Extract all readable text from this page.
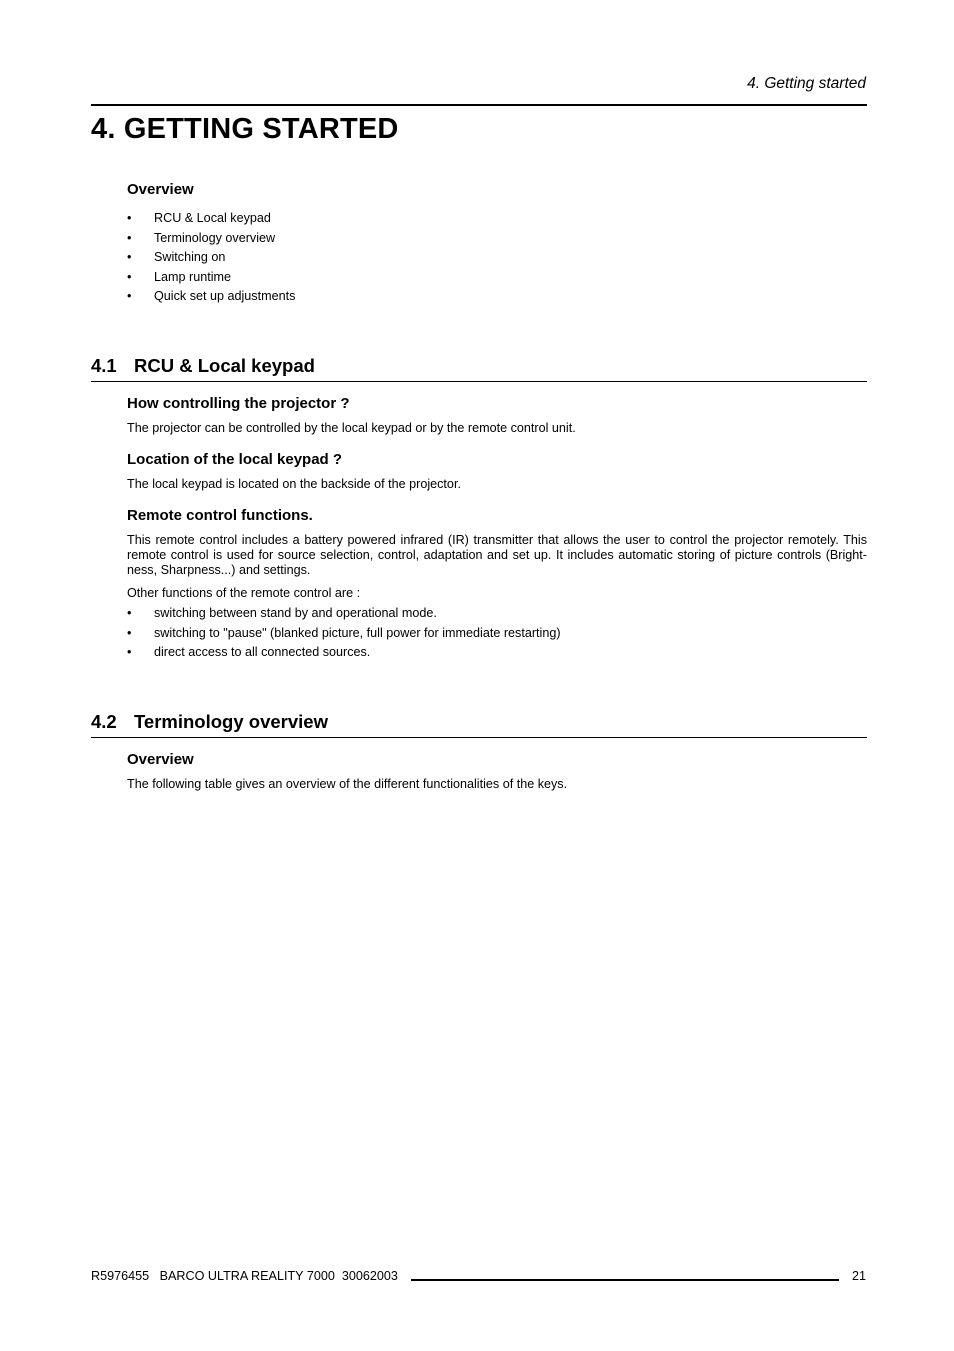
4. Getting started
4. GETTING STARTED
Overview
• RCU & Local keypad
• Terminology overview
• Switching on
• Lamp runtime
• Quick set up adjustments
4.1 RCU & Local keypad
How controlling the projector ?
The projector can be controlled by the local keypad or by the remote control unit.
Location of the local keypad ?
The local keypad is located on the backside of the projector.
Remote control functions.
This remote control includes a battery powered infrared (IR) transmitter that allows the user to control the projector remotely. This remote control is used for source selection, control, adaptation and set up. It includes automatic storing of picture controls (Bright-ness, Sharpness...) and settings.
Other functions of the remote control are :
• switching between stand by and operational mode.
• switching to "pause" (blanked picture, full power for immediate restarting)
• direct access to all connected sources.
4.2 Terminology overview
Overview
The following table gives an overview of the different functionalities of the keys.
R5976455   BARCO ULTRA REALITY 7000  30062003	21
